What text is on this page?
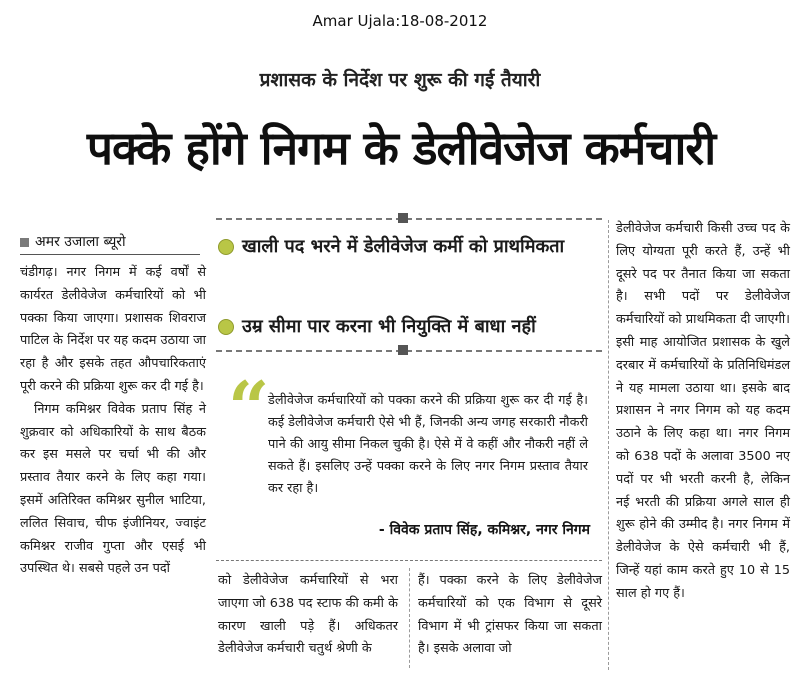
Amar Ujala:18-08-2012
प्रशासक के निर्देश पर शुरू की गई तैयारी
पक्के होंगे निगम के डेलीवेजेज कर्मचारी
अमर उजाला ब्यूरो

चंडीगढ़। नगर निगम में कई वर्षों से कार्यरत डेलीवेजेज कर्मचारियों को भी पक्का किया जाएगा। प्रशासक शिवराज पाटिल के निर्देश पर यह कदम उठाया जा रहा है और इसके तहत औपचारिकताएं पूरी करने की प्रक्रिया शुरू कर दी गई है।

निगम कमिश्नर विवेक प्रताप सिंह ने शुक्रवार को अधिकारियों के साथ बैठक कर इस मसले पर चर्चा भी की और प्रस्ताव तैयार करने के लिए कहा गया। इसमें अतिरिक्त कमिश्नर सुनील भाटिया, ललित सिवाच, चीफ इंजीनियर, ज्वाइंट कमिश्नर राजीव गुप्ता और एसई भी उपस्थित थे। सबसे पहले उन पदों

खाली पद भरने में डेलीवेजेज कर्मी को प्राथमिकता
उम्र सीमा पार करना भी नियुक्ति में बाधा नहीं
“
डेलीवेजेज कर्मचारियों को पक्का करने की प्रक्रिया शुरू कर दी गई है। कई डेलीवेजेज कर्मचारी ऐसे भी हैं, जिनकी अन्य जगह सरकारी नौकरी पाने की आयु सीमा निकल चुकी है। ऐसे में वे कहीं और नौकरी नहीं ले सकते हैं। इसलिए उन्हें पक्का करने के लिए नगर निगम प्रस्ताव तैयार कर रहा है।
- विवेक प्रताप सिंह, कमिश्नर, नगर निगम
को डेलीवेजेज कर्मचारियों से भरा जाएगा जो 638 पद स्टाफ की कमी के कारण खाली पड़े हैं। अधिकतर डेलीवेजेज कर्मचारी चतुर्थ श्रेणी के
हैं। पक्का करने के लिए डेलीवेजेज कर्मचारियों को एक विभाग से दूसरे विभाग में भी ट्रांसफर किया जा सकता है। इसके अलावा जो
डेलीवेजेज कर्मचारी किसी उच्च पद के लिए योग्यता पूरी करते हैं, उन्हें भी दूसरे पद पर तैनात किया जा सकता है। सभी पदों पर डेलीवेजेज कर्मचारियों को प्राथमिकता दी जाएगी। इसी माह आयोजित प्रशासक के खुले दरबार में कर्मचारियों के प्रतिनिधिमंडल ने यह मामला उठाया था। इसके बाद प्रशासन ने नगर निगम को यह कदम उठाने के लिए कहा था। नगर निगम को 638 पदों के अलावा 3500 नए पदों पर भी भरती करनी है, लेकिन नई भरती की प्रक्रिया अगले साल ही शुरू होने की उम्मीद है। नगर निगम में डेलीवेजेज के ऐसे कर्मचारी भी हैं, जिन्हें यहां काम करते हुए 10 से 15 साल हो गए हैं।
